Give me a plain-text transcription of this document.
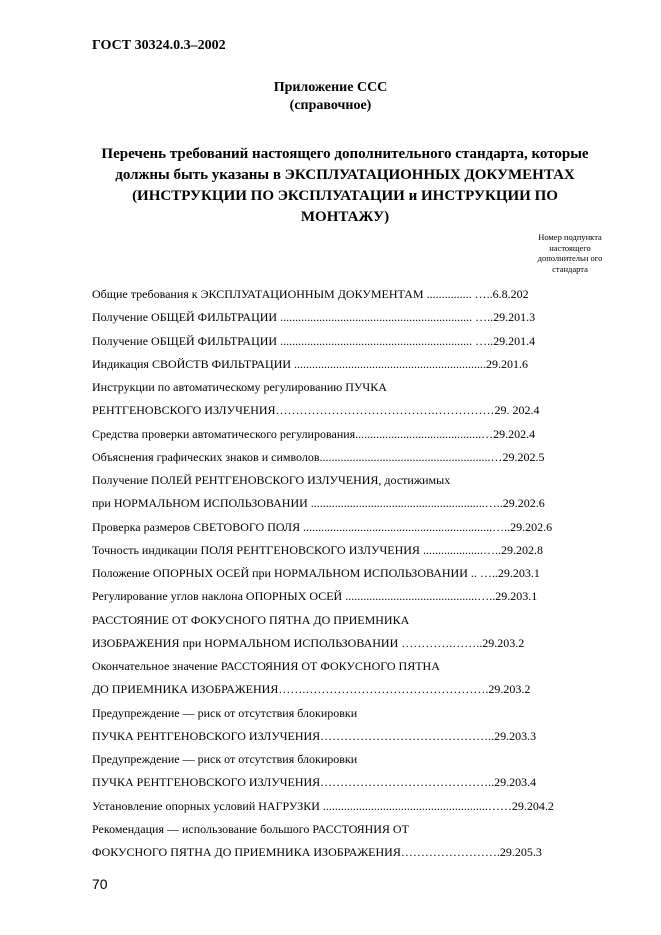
ГОСТ 30324.0.3–2002
Приложение ССС
(справочное)
Перечень требований настоящего дополнительного стандарта, которые должны быть указаны в ЭКСПЛУАТАЦИОННЫХ ДОКУМЕНТАХ (ИНСТРУКЦИИ ПО ЭКСПЛУАТАЦИИ и ИНСТРУКЦИИ ПО МОНТАЖУ)
Номер подпункта настоящего дополнительн ого стандарта
Общие требования к ЭКСПЛУАТАЦИОННЫМ ДОКУМЕНТАМ ............... …..6.8.202
Получение ОБЩЕЙ ФИЛЬТРАЦИИ ................................................................ …..29.201.3
Получение ОБЩЕЙ ФИЛЬТРАЦИИ ................................................................ …..29.201.4
Индикация СВОЙСТВ ФИЛЬТРАЦИИ ................................................................29.201.6
Инструкции по автоматическому регулированию ПУЧКА
РЕНТГЕНОВСКОГО ИЗЛУЧЕНИЯ………………………………….……………29. 202.4
Средства проверки автоматического регулирования..........................................…29.202.4
Объяснения графических знаков и символов.........................................................…29.202.5
Получение ПОЛЕЙ РЕНТГЕНОВСКОГО ИЗЛУЧЕНИЯ, достижимых
при НОРМАЛЬНОМ ИСПОЛЬЗОВАНИИ ..........................................................…..29.202.6
Проверка размеров СВЕТОВОГО ПОЛЯ ...............................................................…..29.202.6
Точность индикации ПОЛЯ РЕНТГЕНОВСКОГО ИЗЛУЧЕНИЯ ....................…..29.202.8
Положение ОПОРНЫХ ОСЕЙ при НОРМАЛЬНОМ ИСПОЛЬЗОВАНИИ .. …..29.203.1
Регулирование углов наклона ОПОРНЫХ ОСЕЙ ............................................…..29.203.1
РАССТОЯНИЕ ОТ ФОКУСНОГО ПЯТНА ДО ПРИЕМНИКА
ИЗОБРАЖЕНИЯ при НОРМАЛЬНОМ ИСПОЛЬЗОВАНИИ ………….……..29.203.2
Окончательное значение РАССТОЯНИЯ ОТ ФОКУСНОГО ПЯТНА
ДО ПРИЕМНИКА ИЗОБРАЖЕНИЯ…….……………………………………….29.203.2
Предупреждение — риск от отсутствия блокировки
ПУЧКА РЕНТГЕНОВСКОГО ИЗЛУЧЕНИЯ……………………………………..29.203.3
Предупреждение — риск от отсутствия блокировки
ПУЧКА РЕНТГЕНОВСКОГО ИЗЛУЧЕНИЯ……………………………………..29.203.4
Установление опорных условий НАГРУЗКИ .......................................................……29.204.2
Рекомендация — использование большого РАССТОЯНИЯ ОТ
ФОКУСНОГО ПЯТНА ДО ПРИЕМНИКА ИЗОБРАЖЕНИЯ…………………….29.205.3
70
